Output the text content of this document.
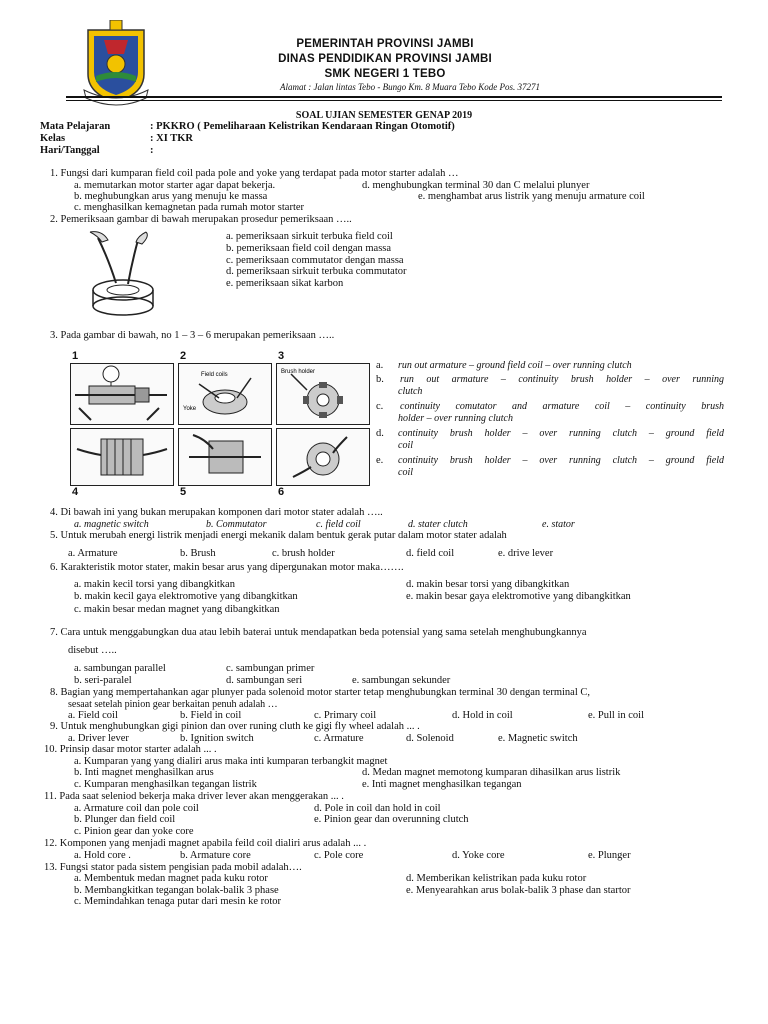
PEMERINTAH PROVINSI JAMBI
DINAS PENDIDIKAN PROVINSI JAMBI
SMK NEGERI 1 TEBO
Alamat : Jalan lintas Tebo - Bungo Km. 8 Muara Tebo Kode Pos. 37271
SOAL UJIAN SEMESTER GENAP 2019
Mata Pelajaran	: PKKRO ( Pemeliharaan Kelistrikan Kendaraan Ringan Otomotif)
Kelas	: XI TKR
Hari/Tanggal	:
1. Fungsi dari kumparan field coil pada pole and yoke yang terdapat pada motor starter adalah …
a. memutarkan motor starter agar dapat bekerja.	d. menghubungkan terminal 30 dan C melalui plunyer
b. meghubungkan arus yang menuju ke massa	e. menghambat arus listrik yang menuju armature coil
c. menghasilkan kemagnetan pada rumah motor starter
2. Pemeriksaan gambar di bawah merupakan prosedur pemeriksaan …..
a. pemeriksaan sirkuit terbuka field coil
b. pemeriksaan field coil dengan massa
c. pemeriksaan commutator dengan massa
d. pemeriksaan sirkuit terbuka commutator
e. pemeriksaan sikat karbon
3. Pada gambar di bawah, no 1 – 3 – 6 merupakan pemeriksaan …..
1	2	3
4	5	6
Field coils
Yoke
Brush holder
a. run out armature – ground field coil – over running clutch
b. run out armature – continuity brush holder – over running
clutch
c. continuity comutator and armature coil – continuity brush
holder – over running clutch
d. continuity brush holder – over running clutch – ground field
coil
e. continuity brush holder – over running clutch – ground field
coil
4. Di bawah ini yang bukan merupakan komponen dari motor stater adalah …..
a. magnetic switch	b. Commutator	c. field coil	d. stater clutch	e. stator
5. Untuk merubah energi listrik menjadi energi mekanik dalam bentuk gerak putar dalam motor stater adalah
a. Armature	b. Brush	c. brush holder	d. field coil	e. drive lever
6. Karakteristik motor stater, makin besar arus yang dipergunakan motor maka…….
a. makin kecil torsi yang dibangkitkan	d. makin besar torsi yang dibangkitkan
b. makin kecil gaya elektromotive yang dibangkitkan	e. makin besar gaya elektromotive yang dibangkitkan
c. makin besar medan magnet yang dibangkitkan
7. Cara untuk menggabungkan dua atau lebih baterai untuk mendapatkan beda potensial yang sama setelah menghubungkannya
disebut …..
a. sambungan parallel	c. sambungan primer
b. seri-paralel	d. sambungan seri	e. sambungan sekunder
8. Bagian yang mempertahankan agar plunyer pada solenoid motor starter tetap menghubungkan terminal 30 dengan terminal C,
sesaat setelah pinion gear berkaitan penuh adalah …
a. Field coil	b. Field in coil	c. Primary coil	d. Hold in coil	e. Pull in coil
9. Untuk menghubungkan gigi pinion dan over runing cluth ke gigi fly wheel adalah ... .
a. Driver lever	b. Ignition switch	c. Armature	d. Solenoid	e. Magnetic switch
10. Prinsip dasar motor starter adalah ... .
a. Kumparan yang yang dialiri arus maka inti kumparan terbangkit magnet
b. Inti magnet menghasilkan arus	d. Medan magnet memotong kumparan dihasilkan arus listrik
c. Kumparan menghasilkan tegangan listrik	e. Inti magnet menghasilkan tegangan
11. Pada saat seleniod bekerja maka driver lever akan menggerakan ... .
a. Armature coil dan pole coil	d. Pole in coil dan hold in coil
b. Plunger dan field coil	e. Pinion gear dan overunning clutch
c. Pinion gear dan yoke core
12. Komponen yang menjadi magnet apabila feild coil dialiri arus adalah ... .
a. Hold core .	b. Armature core	c. Pole core	d. Yoke core	e. Plunger
13. Fungsi stator pada sistem pengisian pada mobil adalah….
a. Membentuk medan magnet pada kuku rotor	d. Memberikan kelistrikan pada kuku rotor
b. Membangkitkan tegangan bolak-balik 3 phase	e. Menyearahkan arus bolak-balik 3 phase dan startor
c. Memindahkan tenaga putar dari mesin ke rotor
